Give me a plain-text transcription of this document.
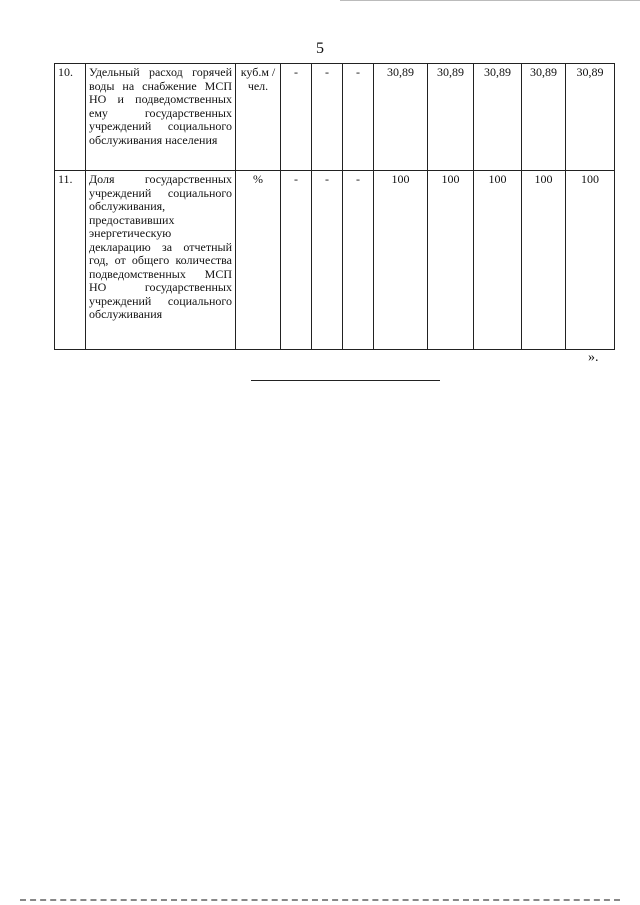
5
10.	Удельный расход горячей воды на снабжение МСП НО и подведомственных ему государственных учреждений социального обслуживания населения	куб.м / чел.	-	-	-	30,89	30,89	30,89	30,89	30,89
11.	Доля государственных учреждений социального обслуживания, предоставивших энергетическую декларацию за отчетный год, от общего количества подведомственных МСП НО государственных учреждений социального обслуживания	%	-	-	-	100	100	100	100	100
».
